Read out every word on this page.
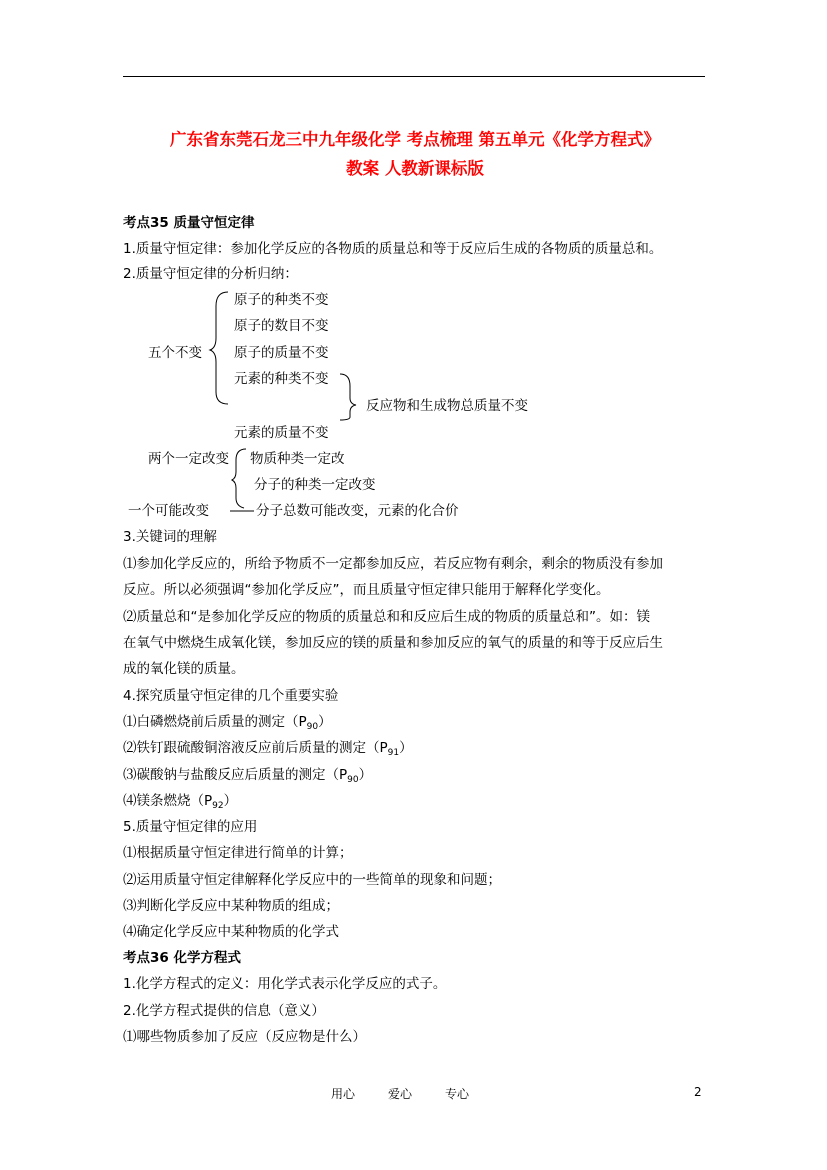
广东省东莞石龙三中九年级化学 考点梳理 第五单元《化学方程式》
教案 人教新课标版
考点35 质量守恒定律
1.质量守恒定律：参加化学反应的各物质的质量总和等于反应后生成的各物质的质量总和。
2.质量守恒定律的分析归纳：
原子的种类不变
原子的数目不变
五个不变 原子的质量不变
元素的种类不变
反应物和生成物总质量不变
元素的质量不变
两个一定改变 物质种类一定改
分子的种类一定改变
一个可能改变	分子总数可能改变，元素的化合价
3.关键词的理解
⑴参加化学反应的，所给予物质不一定都参加反应，若反应物有剩余，剩余的物质没有参加
反应。所以必须强调“参加化学反应”，而且质量守恒定律只能用于解释化学变化。
⑵质量总和“是参加化学反应的物质的质量总和和反应后生成的物质的质量总和”。如：镁
在氧气中燃烧生成氧化镁，参加反应的镁的质量和参加反应的氧气的质量的和等于反应后生
成的氧化镁的质量。
4.探究质量守恒定律的几个重要实验
⑴白磷燃烧前后质量的测定$(P_{90})$
⑵铁钉跟硫酸铜溶液反应前后质量的测定$(P_{91})$
⑶碳酸钠与盐酸反应后质量的测定$(P_{90})$
⑷镁条燃烧$(P_{92})$
5.质量守恒定律的应用
⑴根据质量守恒定律进行简单的计算；
⑵运用质量守恒定律解释化学反应中的一些简单的现象和问题；
⑶判断化学反应中某种物质的组成；
⑷确定化学反应中某种物质的化学式
考点36 化学方程式
1.化学方程式的定义：用化学式表示化学反应的式子。
2.化学方程式提供的信息（意义）
⑴哪些物质参加了反应（反应物是什么）
用心	爱心	专心	2
